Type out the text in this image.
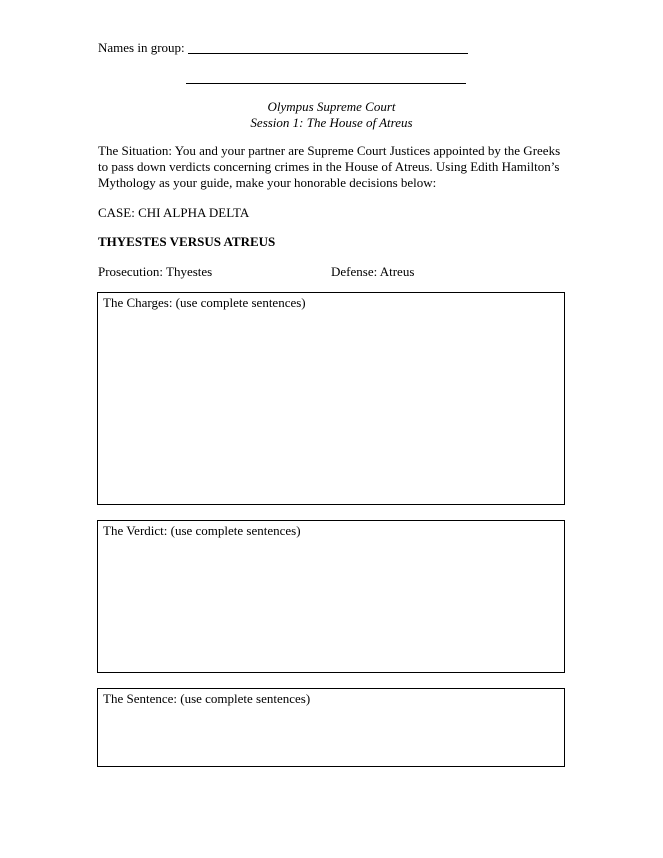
Names in group:
Olympus Supreme Court
Session 1: The House of Atreus
The Situation: You and your partner are Supreme Court Justices appointed by the Greeks
to pass down verdicts concerning crimes in the House of Atreus. Using Edith Hamilton’s
Mythology as your guide, make your honorable decisions below:
CASE: CHI ALPHA DELTA
THYESTES VERSUS ATREUS
Prosecution: Thyestes	Defense: Atreus
The Charges: (use complete sentences)
The Verdict: (use complete sentences)
The Sentence: (use complete sentences)
